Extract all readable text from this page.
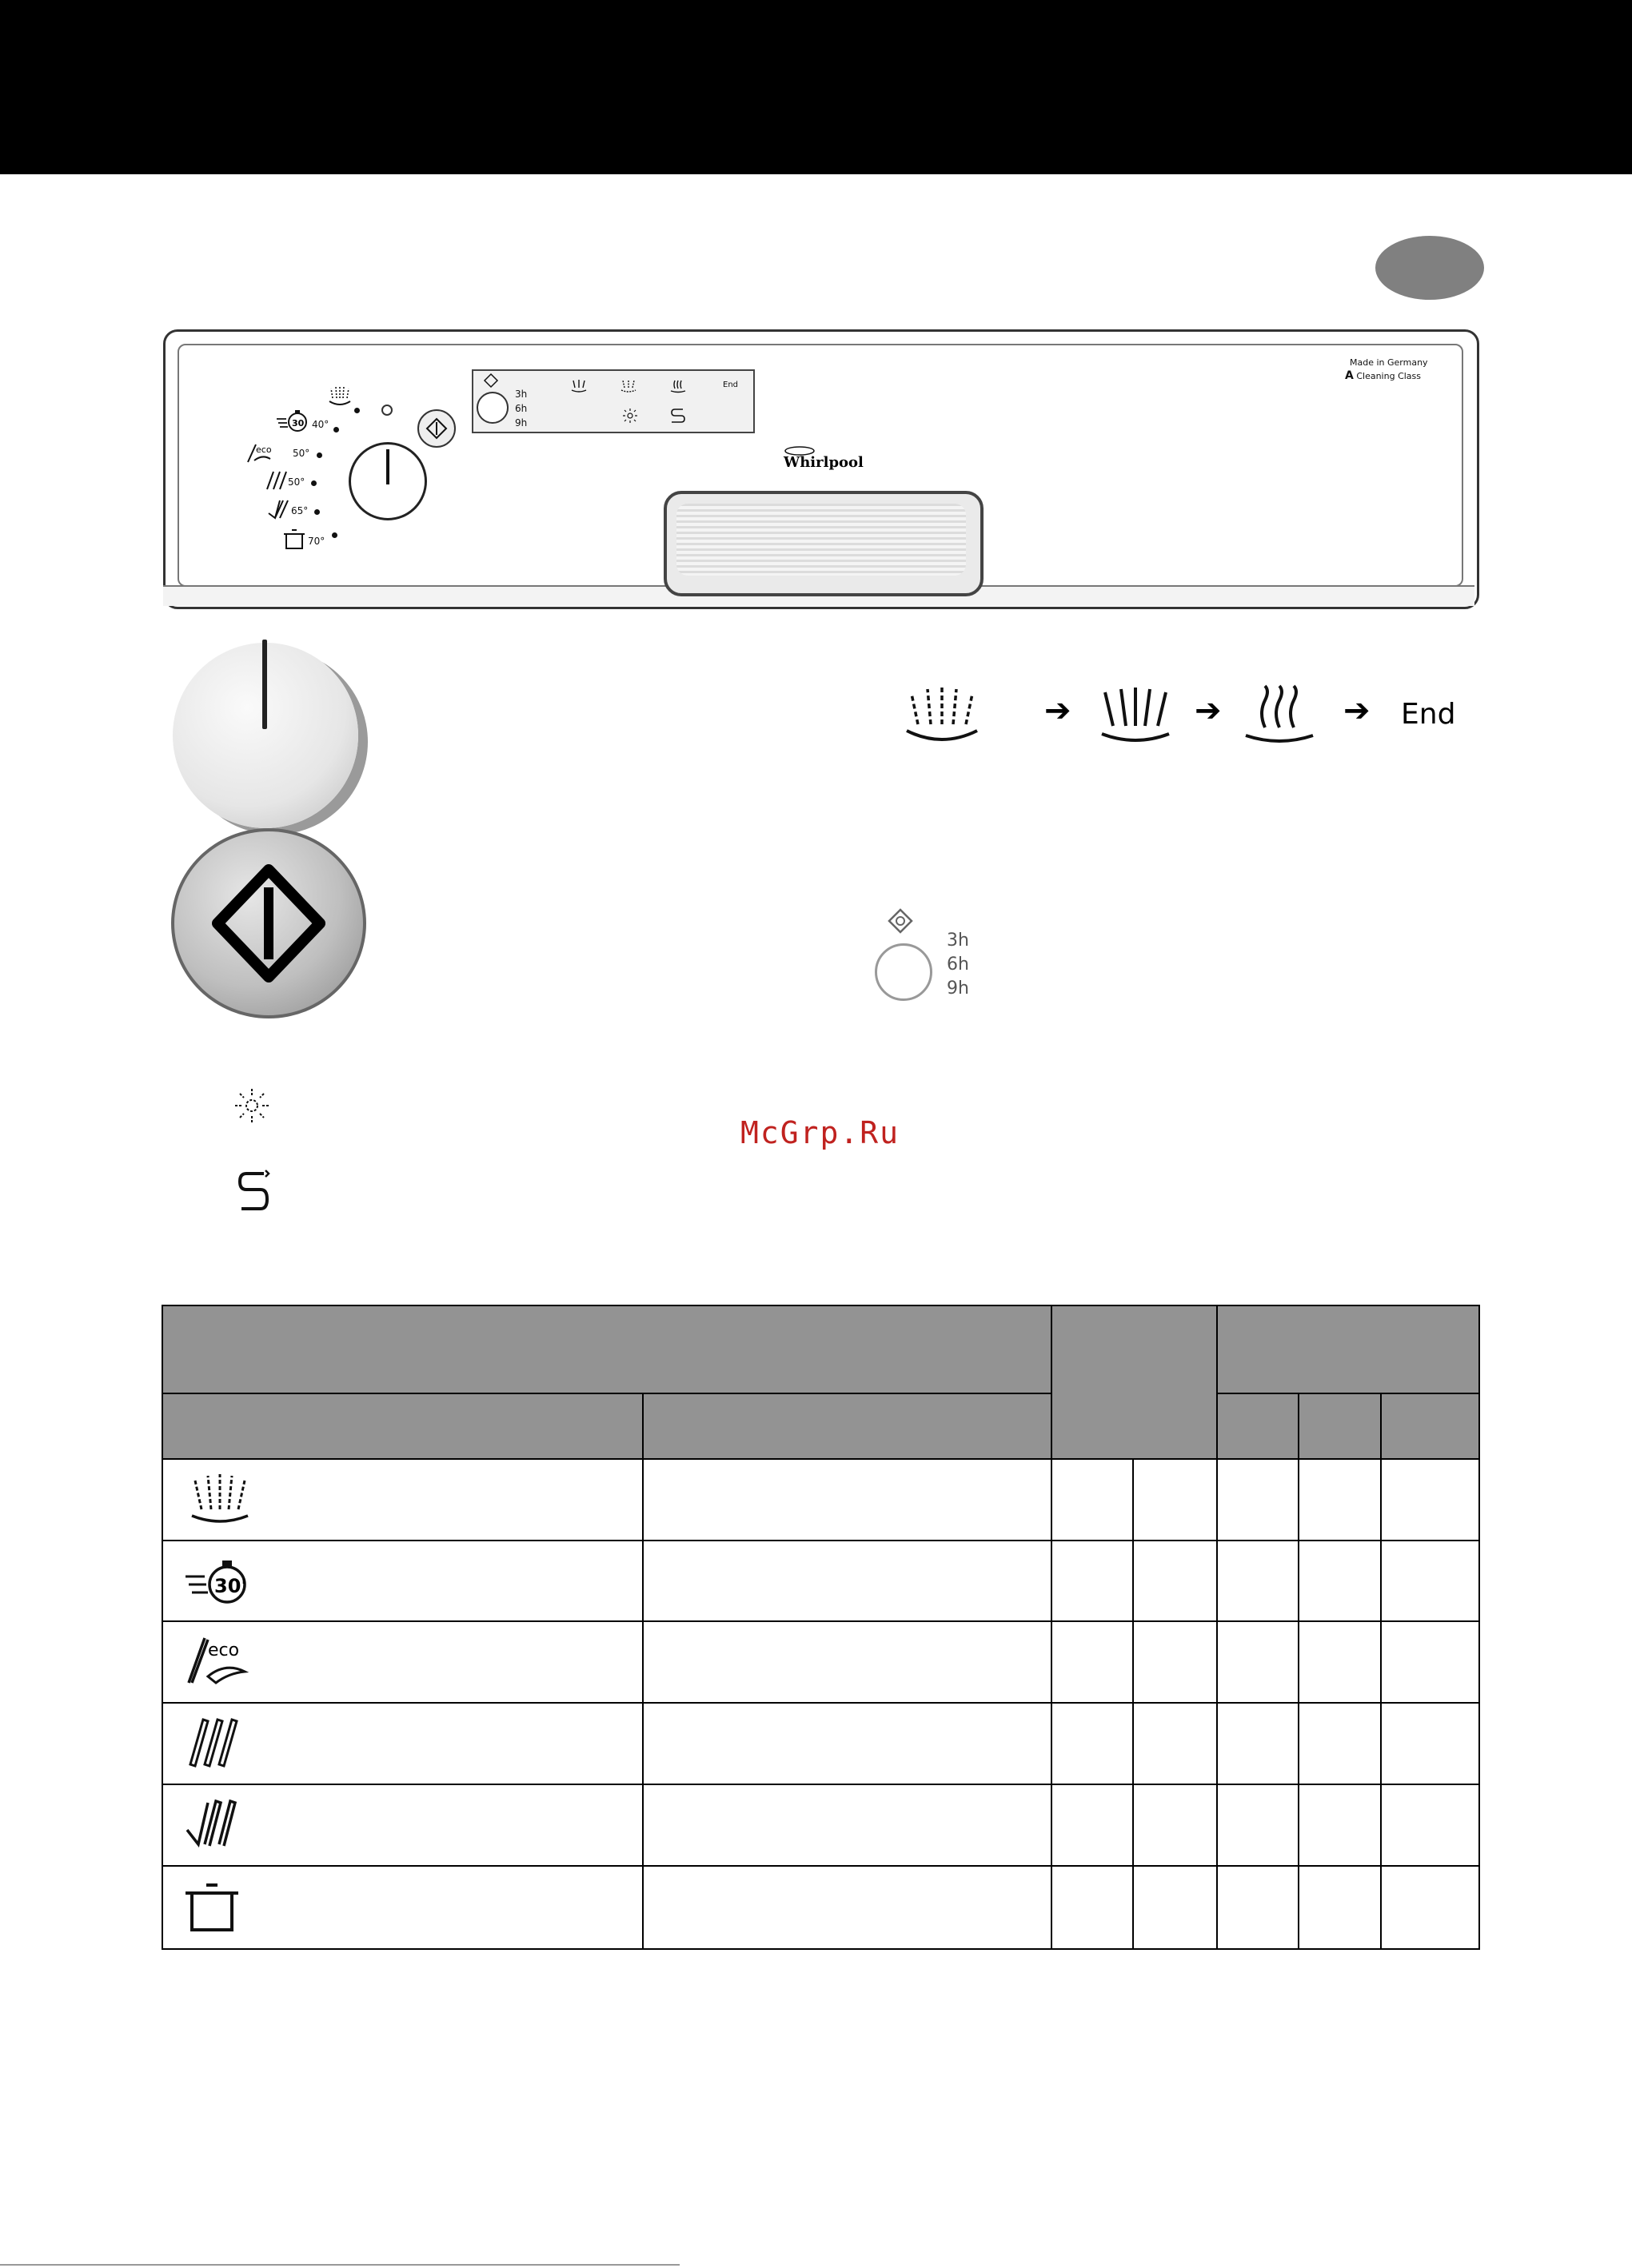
30 40°
eco 50°
50°
65°
70°
3h
6h
9h
End
Whirlpool
Made in Germany
A Cleaning Class
➔	➔	➔ End
3h
6h
9h
McGrp.Ru

30'						

eco						
